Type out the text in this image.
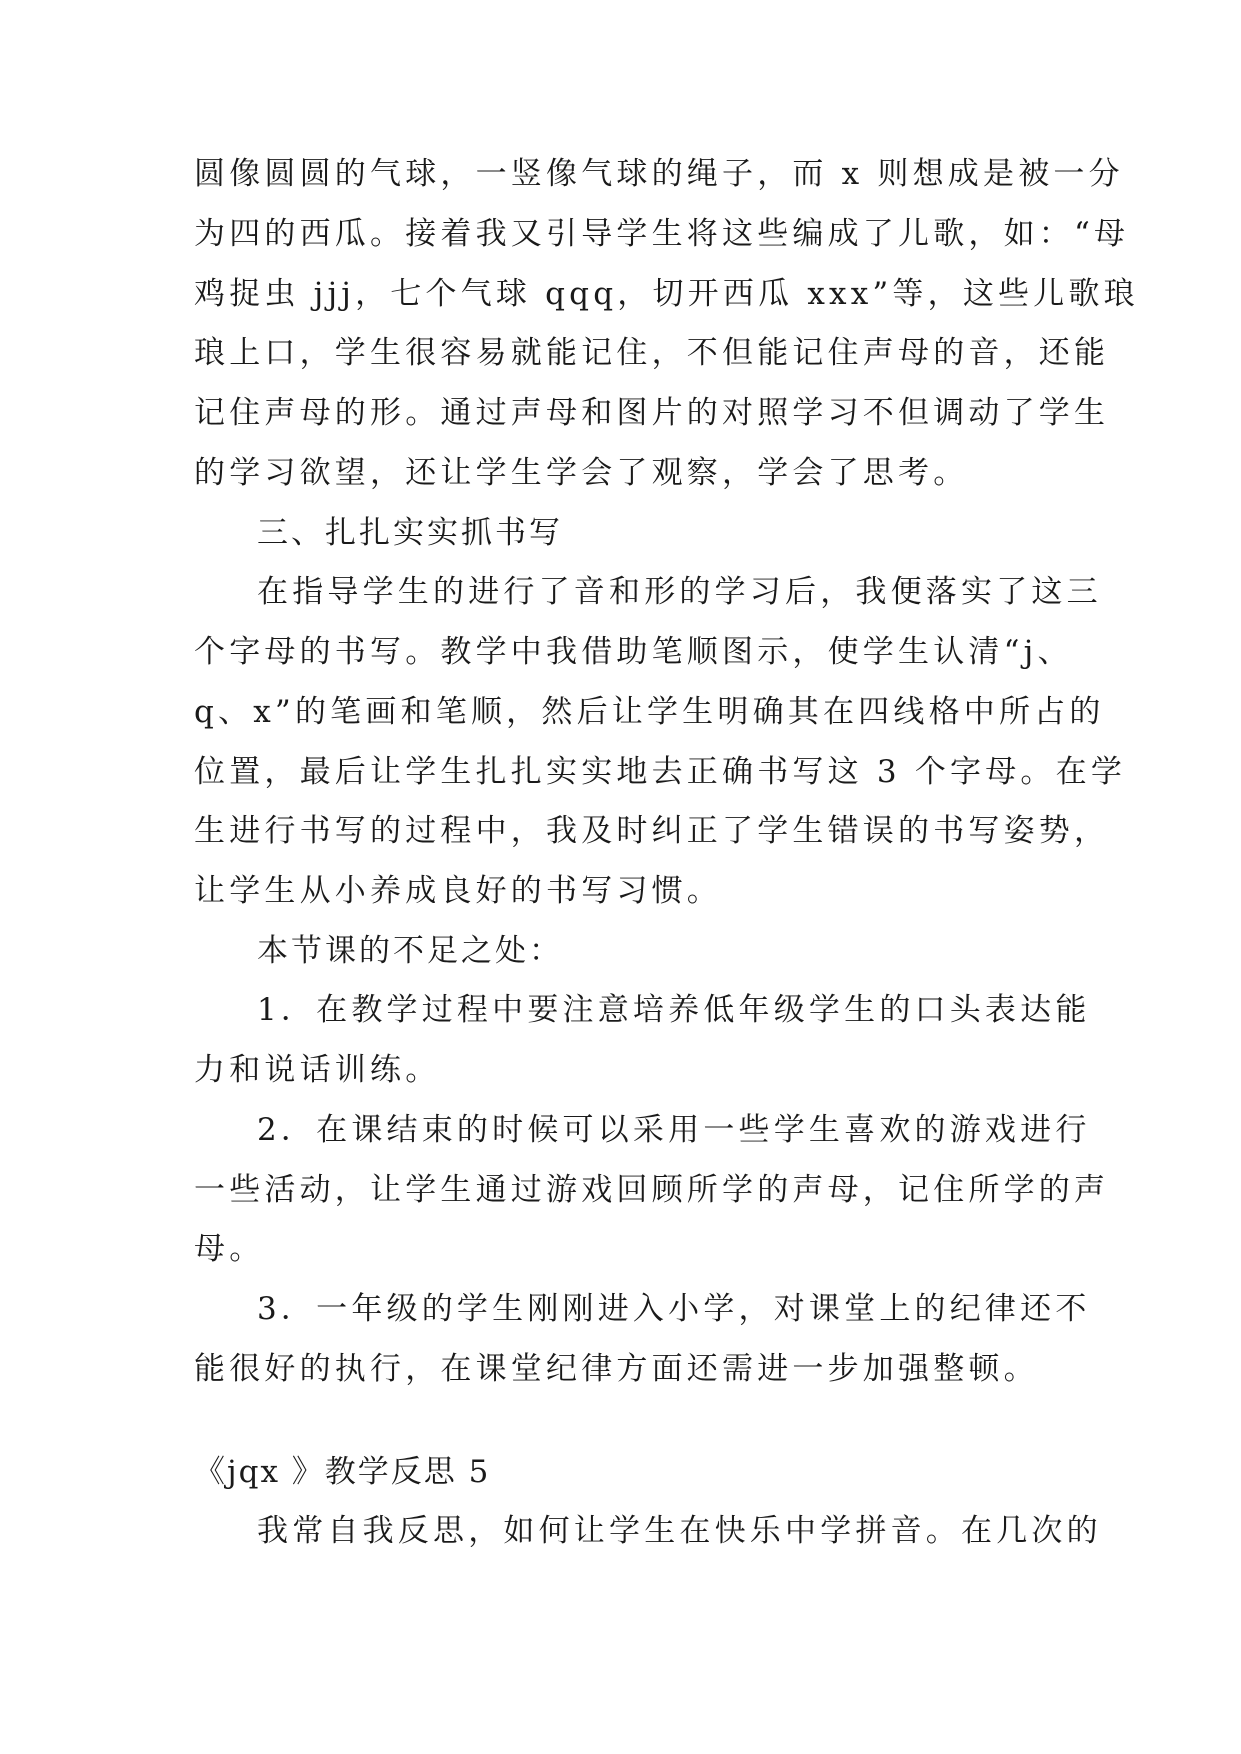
圆像圆圆的气球，一竖像气球的绳子，而 x 则想成是被一分
为四的西瓜。接着我又引导学生将这些编成了儿歌，如：“母
鸡捉虫 jjj，七个气球 qqq，切开西瓜 xxx”等，这些儿歌琅
琅上口，学生很容易就能记住，不但能记住声母的音，还能
记住声母的形。通过声母和图片的对照学习不但调动了学生
的学习欲望，还让学生学会了观察，学会了思考。
三、扎扎实实抓书写
在指导学生的进行了音和形的学习后，我便落实了这三
个字母的书写。教学中我借助笔顺图示，使学生认清“j、
q、x”的笔画和笔顺，然后让学生明确其在四线格中所占的
位置，最后让学生扎扎实实地去正确书写这 3 个字母。在学
生进行书写的过程中，我及时纠正了学生错误的书写姿势，
让学生从小养成良好的书写习惯。
本节课的不足之处：
1．在教学过程中要注意培养低年级学生的口头表达能
力和说话训练。
2．在课结束的时候可以采用一些学生喜欢的游戏进行
一些活动，让学生通过游戏回顾所学的声母，记住所学的声
母。
3．一年级的学生刚刚进入小学，对课堂上的纪律还不
能很好的执行，在课堂纪律方面还需进一步加强整顿。
《jqx 》教学反思 5
我常自我反思，如何让学生在快乐中学拼音。在几次的
